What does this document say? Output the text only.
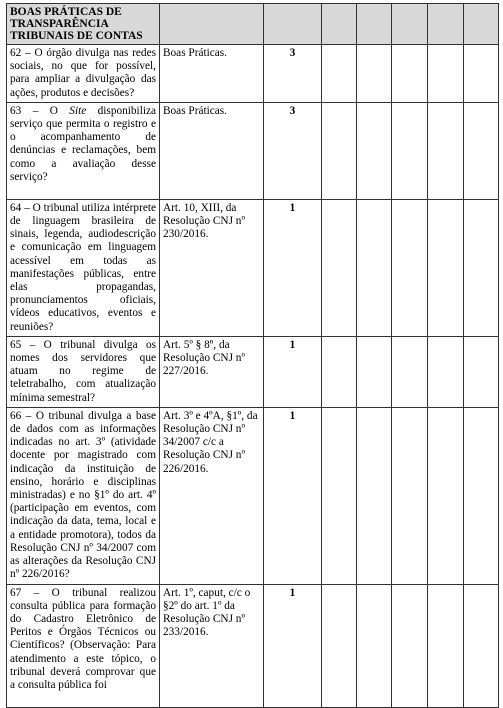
BOAS PRÁTICAS DE TRANSPARÊNCIA TRIBUNAIS DE CONTAS							
62 – O órgão divulga nas redes sociais, no que for possível, para ampliar a divulgação das ações, produtos e decisões?	Boas Práticas.	3					
63 – O Site disponibiliza serviço que permita o registro e o acompanhamento de denúncias e reclamações, bem como a avaliação desse serviço?	Boas Práticas.	3					
64 – O tribunal utiliza intérprete de linguagem brasileira de sinais, legenda, audiodescrição e comunicação em linguagem acessível em todas as manifestações públicas, entre elas propagandas, pronunciamentos oficiais, vídeos educativos, eventos e reuniões?	Art. 10, XIII, da Resolução CNJ nº 230/2016.	1					
65 – O tribunal divulga os nomes dos servidores que atuam no regime de teletrabalho, com atualização mínima semestral?	Art. 5º § 8º, da Resolução CNJ nº 227/2016.	1					
66 – O tribunal divulga a base de dados com as informações indicadas no art. 3º (atividade docente por magistrado com indicação da instituição de ensino, horário e disciplinas ministradas) e no §1º do art. 4º (participação em eventos, com indicação da data, tema, local e a entidade promotora), todos da Resolução CNJ nº 34/2007 com as alterações da Resolução CNJ nº 226/2016?	Art. 3º e 4ºA, §1º, da Resolução CNJ nº 34/2007 c/c a Resolução CNJ nº 226/2016.	1					
67 – O tribunal realizou consulta pública para formação do Cadastro Eletrônico de Peritos e Órgãos Técnicos ou Científicos? (Observação: Para atendimento a este tópico, o tribunal deverá comprovar que a consulta pública foi	Art. 1º, caput, c/c o §2º do art. 1º da Resolução CNJ nº 233/2016.	1					
